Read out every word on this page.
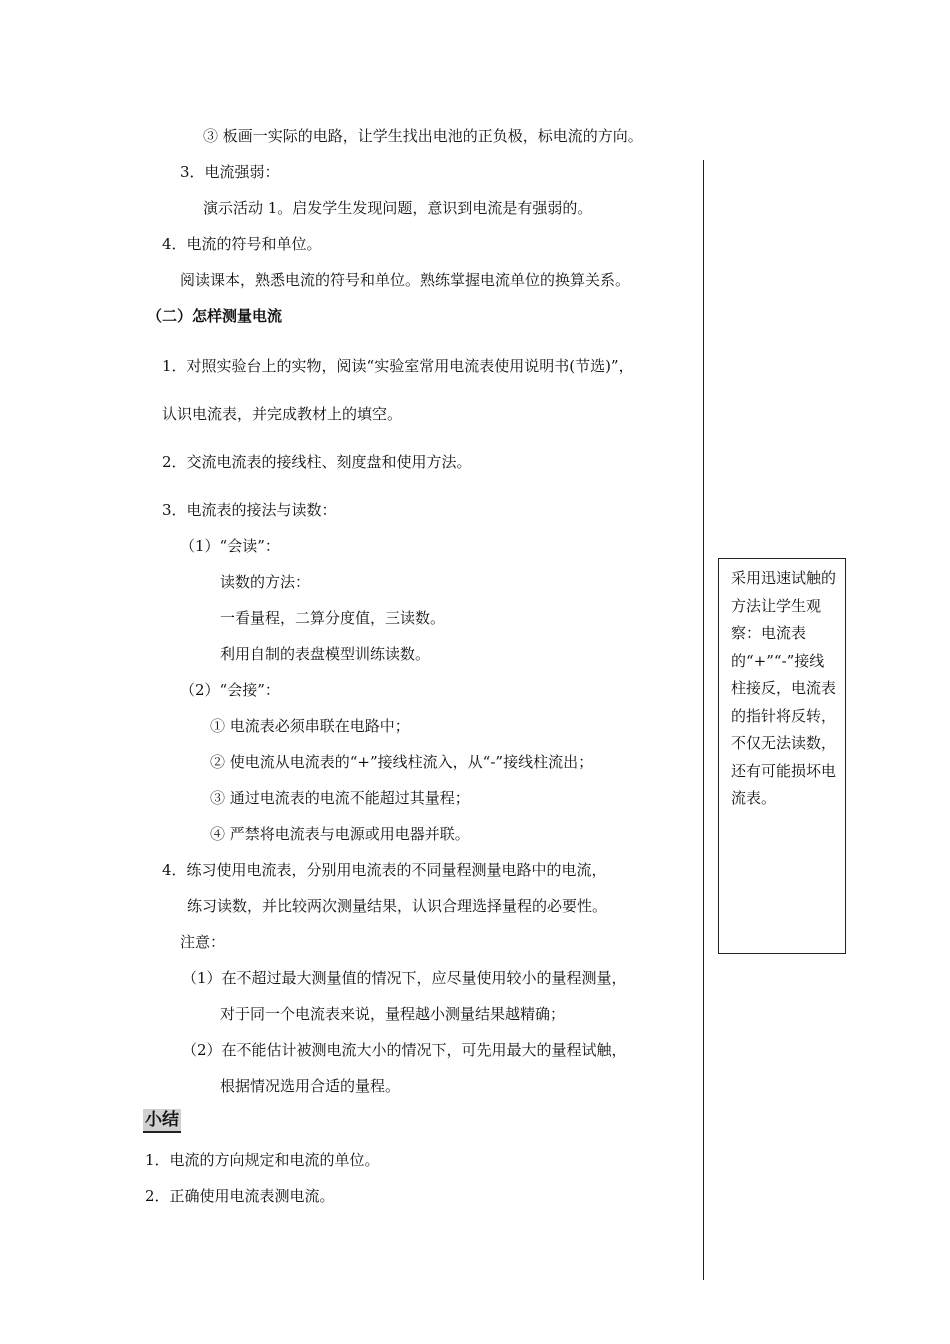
③ 板画一实际的电路，让学生找出电池的正负极，标电流的方向。
3．电流强弱：
演示活动 1。启发学生发现问题，意识到电流是有强弱的。
4．电流的符号和单位。
阅读课本，熟悉电流的符号和单位。熟练掌握电流单位的换算关系。
（二）怎样测量电流
1．对照实验台上的实物，阅读“实验室常用电流表使用说明书(节选)”，
认识电流表，并完成教材上的填空。
2．交流电流表的接线柱、刻度盘和使用方法。
3．电流表的接法与读数：
（1）“会读”：
读数的方法：
一看量程，二算分度值，三读数。
利用自制的表盘模型训练读数。
（2）“会接”：
① 电流表必须串联在电路中；
② 使电流从电流表的“+”接线柱流入，从“-”接线柱流出；
③ 通过电流表的电流不能超过其量程；
④ 严禁将电流表与电源或用电器并联。
4．练习使用电流表，分别用电流表的不同量程测量电路中的电流，
练习读数，并比较两次测量结果，认识合理选择量程的必要性。
注意：
（1）在不超过最大测量值的情况下，应尽量使用较小的量程测量，
对于同一个电流表来说，量程越小测量结果越精确；
（2）在不能估计被测电流大小的情况下，可先用最大的量程试触，
根据情况选用合适的量程。
小结
1．电流的方向规定和电流的单位。
2．正确使用电流表测电流。
采用迅速试触的方法让学生观察：电流表的“+”“-”接线柱接反，电流表的指针将反转，不仅无法读数，还有可能损坏电流表。
